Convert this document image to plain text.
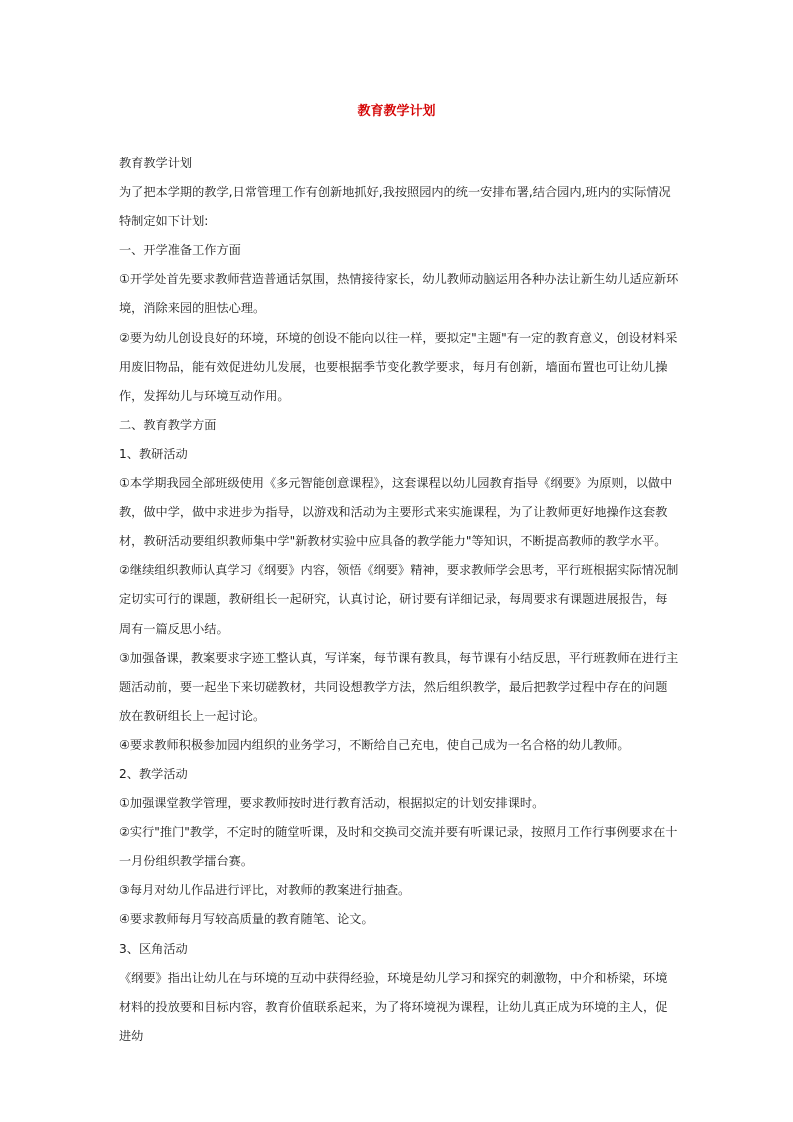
教育教学计划

教育教学计划

为了把本学期的教学,日常管理工作有创新地抓好,我按照园内的统一安排布署,结合园内,班内的实际情况特制定如下计划:

一、开学准备工作方面

①开学处首先要求教师营造普通话氛围，热情接待家长，幼儿教师动脑运用各种办法让新生幼儿适应新环境，消除来园的胆怯心理。

②要为幼儿创设良好的环境，环境的创设不能向以往一样，要拟定"主题"有一定的教育意义，创设材料采用废旧物品，能有效促进幼儿发展，也要根据季节变化教学要求，每月有创新，墙面布置也可让幼儿操作，发挥幼儿与环境互动作用。

二、教育教学方面

1、教研活动

①本学期我园全部班级使用《多元智能创意课程》，这套课程以幼儿园教育指导《纲要》为原则，以做中教，做中学，做中求进步为指导，以游戏和活动为主要形式来实施课程，为了让教师更好地操作这套教材，教研活动要组织教师集中学"新教材实验中应具备的教学能力"等知识，不断提高教师的教学水平。

②继续组织教师认真学习《纲要》内容，领悟《纲要》精神，要求教师学会思考，平行班根据实际情况制定切实可行的课题，教研组长一起研究，认真讨论，研讨要有详细记录，每周要求有课题进展报告，每周有一篇反思小结。

③加强备课，教案要求字迹工整认真，写详案，每节课有教具，每节课有小结反思，平行班教师在进行主题活动前，要一起坐下来切磋教材，共同设想教学方法，然后组织教学，最后把教学过程中存在的问题放在教研组长上一起讨论。

④要求教师积极参加园内组织的业务学习，不断给自己充电，使自己成为一名合格的幼儿教师。

2、教学活动

①加强课堂教学管理，要求教师按时进行教育活动，根据拟定的计划安排课时。

②实行"推门"教学，不定时的随堂听课，及时和交换司交流并要有听课记录，按照月工作行事例要求在十一月份组织教学擂台赛。

③每月对幼儿作品进行评比，对教师的教案进行抽查。

④要求教师每月写较高质量的教育随笔、论文。

3、区角活动

《纲要》指出让幼儿在与环境的互动中获得经验，环境是幼儿学习和探究的刺激物，中介和桥梁，环境材料的投放要和目标内容，教育价值联系起来，为了将环境视为课程，让幼儿真正成为环境的主人，促进幼
